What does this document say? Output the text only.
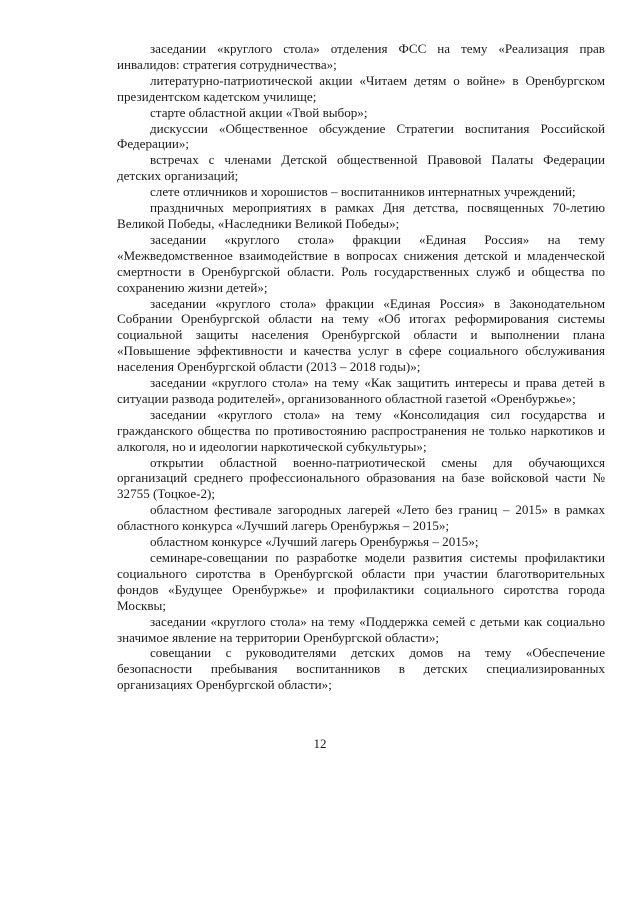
заседании «круглого стола» отделения ФСС на тему «Реализация прав инвалидов: стратегия сотрудничества»;

литературно-патриотической акции «Читаем детям о войне» в Оренбургском президентском кадетском училище;

старте областной акции «Твой выбор»;

дискуссии «Общественное обсуждение Стратегии воспитания Российской Федерации»;

встречах с членами Детской общественной Правовой Палаты Федерации детских организаций;

слете отличников и хорошистов – воспитанников интернатных учреждений;

праздничных мероприятиях в рамках Дня детства, посвященных 70-летию Великой Победы, «Наследники Великой Победы»;

заседании «круглого стола» фракции «Единая Россия» на тему «Межведомственное взаимодействие в вопросах снижения детской и младенческой смертности в Оренбургской области. Роль государственных служб и общества по сохранению жизни детей»;

заседании «круглого стола» фракции «Единая Россия» в Законодательном Собрании Оренбургской области на тему «Об итогах реформирования системы социальной защиты населения Оренбургской области и выполнении плана «Повышение эффективности и качества услуг в сфере социального обслуживания населения Оренбургской области (2013 – 2018 годы)»;

заседании «круглого стола» на тему «Как защитить интересы и права детей в ситуации развода родителей», организованного областной газетой «Оренбуржье»;

заседании «круглого стола» на тему «Консолидация сил государства и гражданского общества по противостоянию распространения не только наркотиков и алкоголя, но и идеологии наркотической субкультуры»;

открытии областной военно-патриотической смены для обучающихся организаций среднего профессионального образования на базе войсковой части № 32755 (Тоцкое-2);

областном фестивале загородных лагерей «Лето без границ – 2015» в рамках областного конкурса «Лучший лагерь Оренбуржья – 2015»;

областном конкурсе «Лучший лагерь Оренбуржья – 2015»;

семинаре-совещании по разработке модели развития системы профилактики социального сиротства в Оренбургской области при участии благотворительных фондов «Будущее Оренбуржье» и профилактики социального сиротства города Москвы;

заседании «круглого стола» на тему «Поддержка семей с детьми как социально значимое явление на территории Оренбургской области»;

совещании с руководителями детских домов на тему «Обеспечение безопасности пребывания воспитанников в детских специализированных организациях Оренбургской области»;

12
